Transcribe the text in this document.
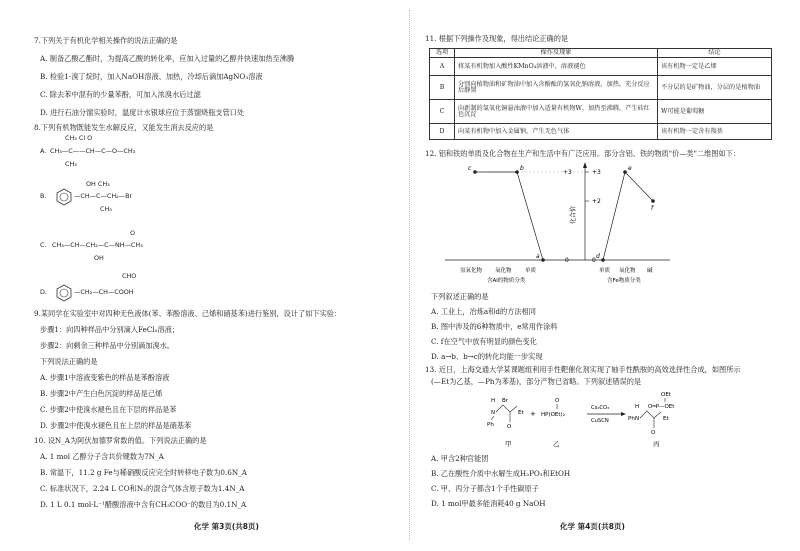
7.下列关于有机化学相关操作的说法正确的是
A. 制备乙酸乙酯时，为提高乙酸的转化率，应加入过量的乙醇并快速加热至沸腾
B. 检验1-溴丁烷时，加入NaOH溶液、加热，冷却后滴加AgNO₃溶液
C. 除去苯中混有的少量苯酚，可加入浓溴水后过滤
D. 进行石油分馏实验时，温度计水银球应位于蒸馏烧瓶支管口处
8.下列有机物既能发生水解反应，又能发生消去反应的是
CH₃ Cl O
A. CH₃—C——CH—C—O—CH₃
CH₃
OH CH₃
B.	—CH—C—CH₂—Br
CH₃
O
C. CH₃—CH—CH₂—C—NH—CH₃
OH
CHO
D.	—CH₂—CH—COOH
9.某同学在实验室中对四种无色液体(苯、苯酚溶液、己烯和硝基苯)进行鉴别，设计了如下实验：
步骤1：向四种样品中分别滴入FeCl₃溶液；
步骤2：向剩余三种样品中分别滴加溴水。
下列说法正确的是
A. 步骤1中溶液变紫色的样品是苯酚溶液
B. 步骤2中产生白色沉淀的样品是己烯
C. 步骤2中使溴水褪色且在下层的样品是苯
D. 步骤2中使溴水褪色且在上层的样品是硝基苯
10. 设N_A为阿伏加德罗常数的值。下列说法正确的是
A. 1 mol 乙醇分子含共价键数为7N_A
B. 常温下，11.2 g Fe与稀硝酸反应完全时转移电子数为0.6N_A
C. 标准状况下，2.24 L CO和N₂的混合气体含原子数为1.4N_A
D. 1 L 0.1 mol·L⁻¹醋酸溶液中含有CH₃COO⁻的数目为0.1N_A
化学 第3页(共8页)
11. 根据下列操作及现象，得出结论正确的是
选项	操作及现象	结论
A	将某有机物加入酸性KMnO₄溶液中，溶液褪色	该有机物一定是乙烯
B	分别向植物油和矿物油中加入含酚酞的氢氧化钠溶液，加热，充分反应后静置	不分层的是矿物油，分层的是植物油
C	向新制的氢氧化铜悬浊液中加入适量有机物W，加热至沸腾，产生砖红色沉淀	W可能是葡萄糖
D	向某有机物中加入金属钠，产生无色气体	该有机物一定含有羧基
12. 铝和铁的单质及化合物在生产和生活中有广泛应用。部分含铝、铁的物质"价—类"二维图如下：
化合价
+3
+2
0
+3
0
c	b
a	d
e
f
氢氧化物 氧化物 单质	单质 氧化物 碱
含Al的物质分类	含Fe物质分类
下列叙述正确的是
A. 工业上，冶炼a和d的方法相同
B. 图中涉及的6种物质中，e常用作涂料
C. f在空气中放有明显的颜色变化
D. a→b、b→c的转化均能一步实现
13. 近日，上海交通大学某课题组利用手性靶催化剂实现了轴手性酰胺的高效选择性合成，如图所示
(—Et为乙基，—Ph为苯基)，部分产物已省略。下列叙述错误的是
H Br
N
O
Et
Ph
甲
+
O
HP(OEt)₂
乙
Cs₂CO₃
CuSCN
OEt
O═P—OEt
H
N
O
Et
Ph
丙
A. 甲含2种官能团
B. 乙在酸性介质中水解生成H₃PO₃和EtOH
C. 甲、丙分子都含1个手性碳原子
D. 1 mol甲最多能消耗40 g NaOH
化学 第4页(共8页)
